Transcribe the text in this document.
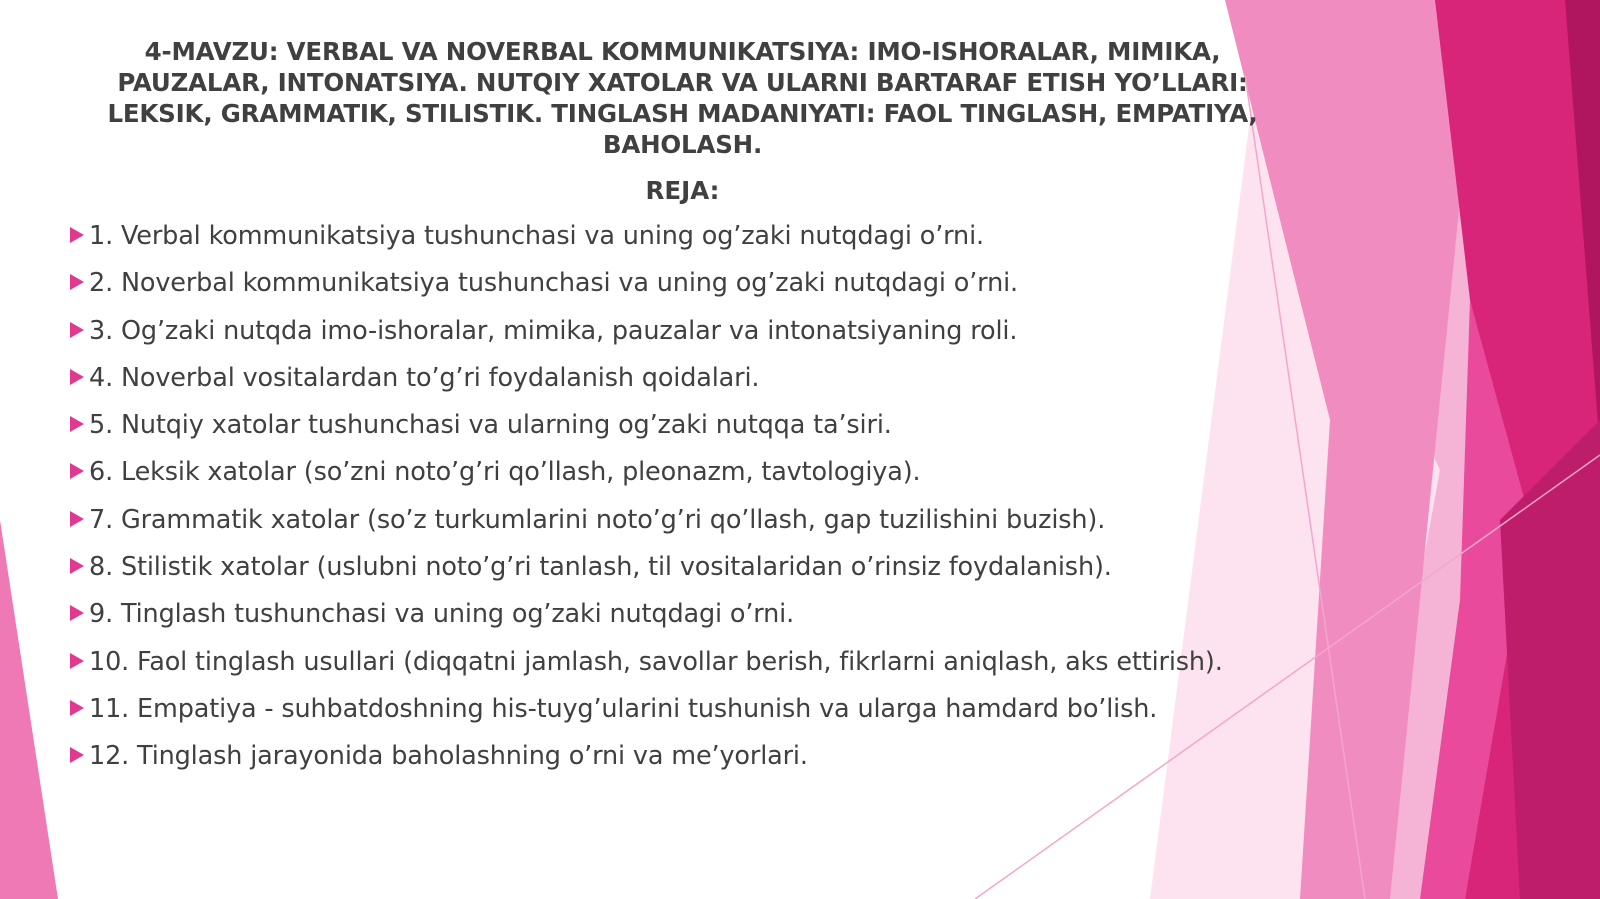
4-MAVZU: VERBAL VA NOVERBAL KOMMUNIKATSIYA: IMO-ISHORALAR, MIMIKA, PAUZALAR, INTONATSIYA. NUTQIY XATOLAR VA ULARNI BARTARAF ETISH YO’LLARI: LEKSIK, GRAMMATIK, STILISTIK. TINGLASH MADANIYATI: FAOL TINGLASH, EMPATIYA, BAHOLASH.
REJA:
1. Verbal kommunikatsiya tushunchasi va uning og’zaki nutqdagi o’rni.
2. Noverbal kommunikatsiya tushunchasi va uning og’zaki nutqdagi o’rni.
3. Og’zaki nutqda imo-ishoralar, mimika, pauzalar va intonatsiyaning roli.
4. Noverbal vositalardan to’g’ri foydalanish qoidalari.
5. Nutqiy xatolar tushunchasi va ularning og’zaki nutqqa ta’siri.
6. Leksik xatolar (so’zni noto’g’ri qo’llash, pleonazm, tavtologiya).
7. Grammatik xatolar (so’z turkumlarini noto’g’ri qo’llash, gap tuzilishini buzish).
8. Stilistik xatolar (uslubni noto’g’ri tanlash, til vositalaridan o’rinsiz foydalanish).
9. Tinglash tushunchasi va uning og’zaki nutqdagi o’rni.
10. Faol tinglash usullari (diqqatni jamlash, savollar berish, fikrlarni aniqlash, aks ettirish).
11. Empatiya - suhbatdoshning his-tuyg’ularini tushunish va ularga hamdard bo’lish.
12. Tinglash jarayonida baholashning o’rni va me’yorlari.
